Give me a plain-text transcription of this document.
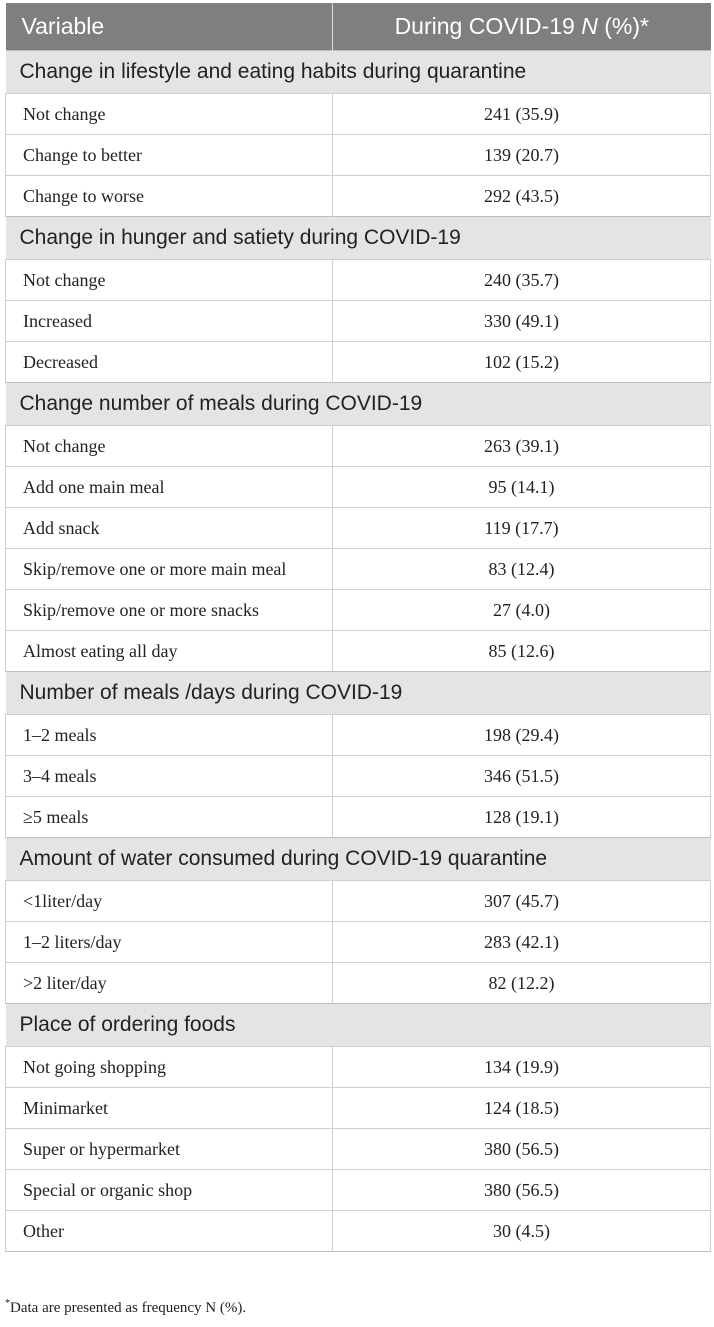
Variable	During COVID-19 N (%)*
Change in lifestyle and eating habits during quarantine	
Not change	241 (35.9)
Change to better	139 (20.7)
Change to worse	292 (43.5)
Change in hunger and satiety during COVID-19	
Not change	240 (35.7)
Increased	330 (49.1)
Decreased	102 (15.2)
Change number of meals during COVID-19	
Not change	263 (39.1)
Add one main meal	95 (14.1)
Add snack	119 (17.7)
Skip/remove one or more main meal	83 (12.4)
Skip/remove one or more snacks	27 (4.0)
Almost eating all day	85 (12.6)
Number of meals /days during COVID-19	
1–2 meals	198 (29.4)
3–4 meals	346 (51.5)
≥5 meals	128 (19.1)
Amount of water consumed during COVID-19 quarantine	
<1liter/day	307 (45.7)
1–2 liters/day	283 (42.1)
>2 liter/day	82 (12.2)
Place of ordering foods	
Not going shopping	134 (19.9)
Minimarket	124 (18.5)
Super or hypermarket	380 (56.5)
Special or organic shop	380 (56.5)
Other	30 (4.5)

*Data are presented as frequency N (%).
